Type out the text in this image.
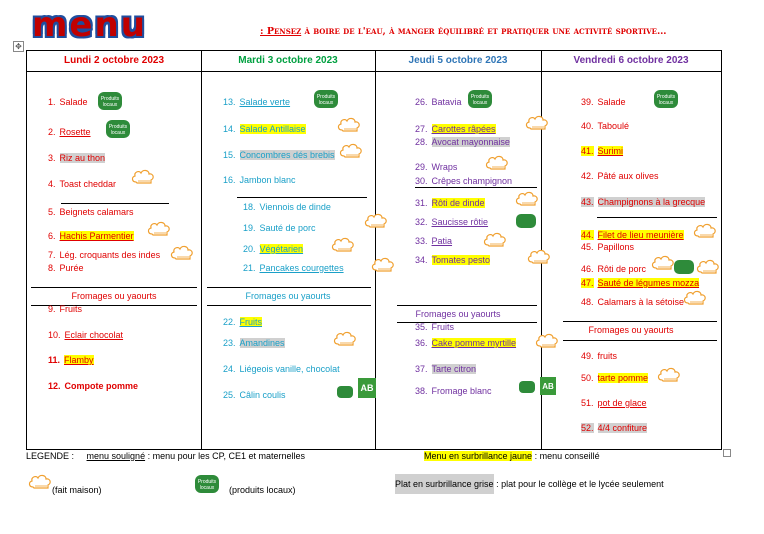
menu	: Pensez à boire de l'eau, à manger équilibré et pratiquer une activité sportive…
✥
Lundi 2 octobre 2023
1. Salade
2. Rosette
3. Riz au thon
4. Toast cheddar
5. Beignets calamars
6. Hachis Parmentier
7. Lég. croquants des indes
8. Purée
Fromages ou yaourts
9. Fruits
10. Eclair chocolat
11. Flamby
12. Compote pomme
Produits
locaux
Produits
locaux
Mardi 3 octobre 2023
13. Salade verte
14. Salade Antillaise
15. Concombres dés brebis
16. Jambon blanc
18. Viennois de dinde
19. Sauté de porc
20. Végétarien
21. Pancakes courgettes
Fromages ou yaourts
22. Fruits
23. Amandines
24. Liégeois vanille, chocolat
25. Câlin coulis
Produits
locaux
AB
Jeudi 5 octobre 2023
26. Batavia
27. Carottes râpées
28. Avocat mayonnaise
29. Wraps
30. Crêpes champignon
31. Rôti de dinde
32. Saucisse rôtie
33. Patia
34. Tomates pesto
Fromages ou yaourts
35. Fruits
36. Cake pomme myrtille
37. Tarte citron
38. Fromage blanc
Produits
locaux
AB
Vendredi 6 octobre 2023
39. Salade
40. Taboulé
41. Surimi
42. Pâté aux olives
43. Champignons à la grecque
44. Filet de lieu meunière
45. Papillons
46. Rôti de porc
47. Sauté de légumes mozza
48. Calamars à la sétoise
Fromages ou yaourts
49. fruits
50. tarte pomme
51. pot de glace
52. 4/4 confiture
Produits
locaux
LEGENDE : menu souligné : menu pour les CP, CE1 et maternelles	Menu en surbrillance jaune : menu conseillé
(fait maison)
Produits
locaux (produits locaux)
Plat en surbrillance grise : plat pour le collège et le lycée seulement
